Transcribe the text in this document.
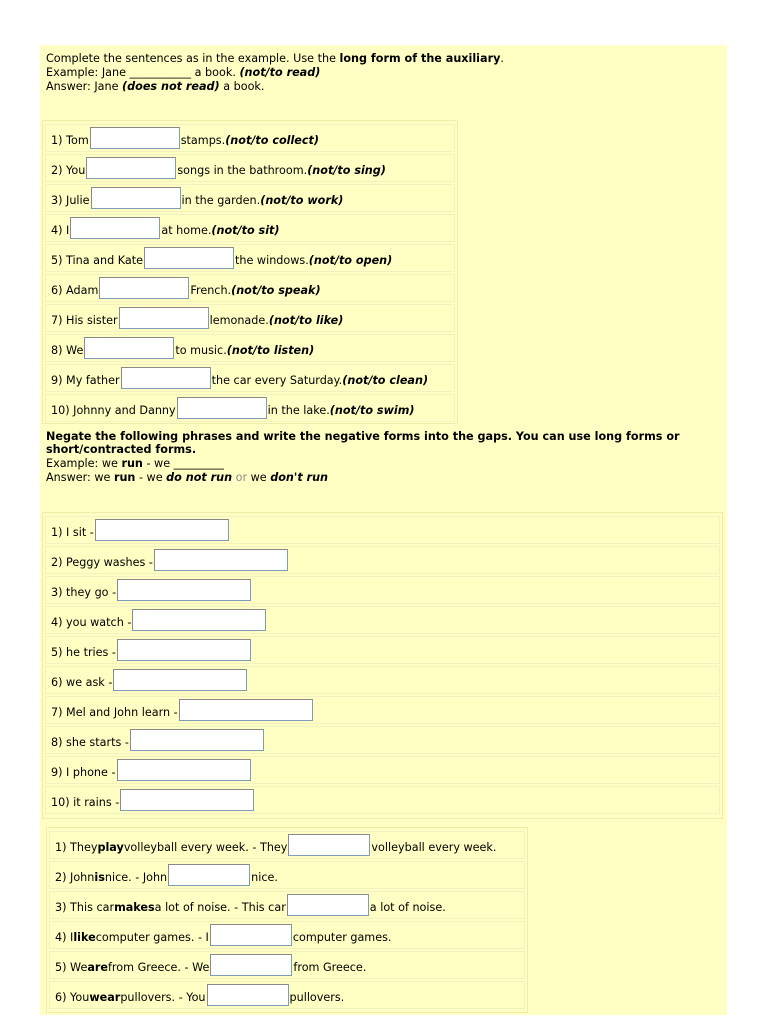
Complete the sentences as in the example. Use the long form of the auxiliary.
Example: Jane ___________ a book. (not/to read)
Answer: Jane (does not read) a book.
1) Tom	stamps. (not/to collect)
2) You	songs in the bathroom. (not/to sing)
3) Julie	in the garden. (not/to work)
4) I	at home. (not/to sit)
5) Tina and Kate	the windows. (not/to open)
6) Adam	French. (not/to speak)
7) His sister	lemonade. (not/to like)
8) We	to music. (not/to listen)
9) My father	the car every Saturday. (not/to clean)
10) Johnny and Danny	in the lake. (not/to swim)
Negate the following phrases and write the negative forms into the gaps. You can use long forms or
short/contracted forms.
Example: we run - we _________
Answer: we run - we do not run or we don't run
1) I sit -
2) Peggy washes -
3) they go -
4) you watch -
5) he tries -
6) we ask -
7) Mel and John learn -
8) she starts -
9) I phone -
10) it rains -
1) They play volleyball every week. - They	volleyball every week.
2) John is nice. - John	nice.
3) This car makes a lot of noise. - This car	a lot of noise.
4) I like computer games. - I	computer games.
5) We are from Greece. - We	from Greece.
6) You wear pullovers. - You	pullovers.
